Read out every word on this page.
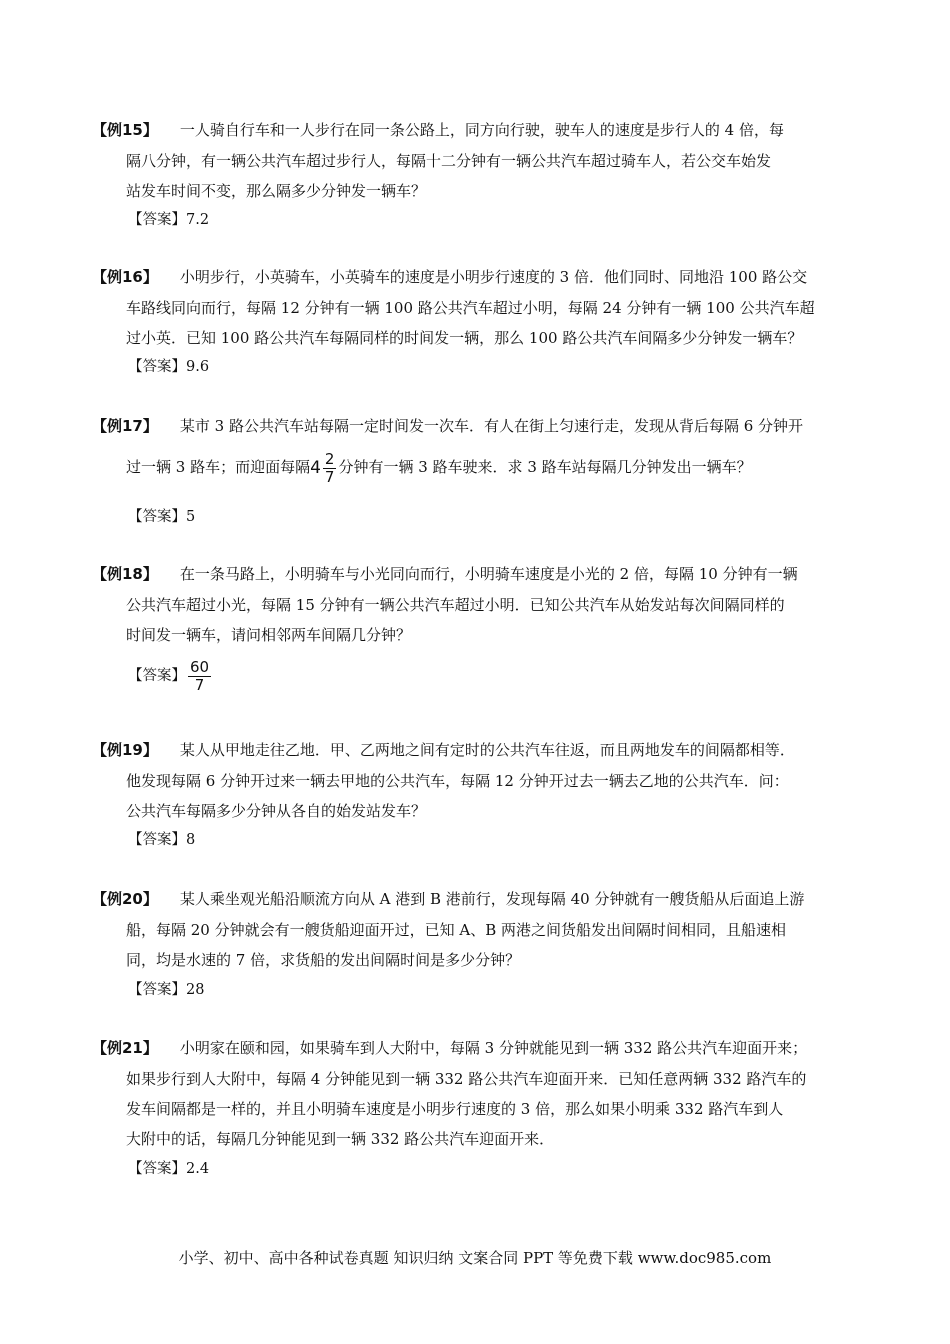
【例15】 一人骑自行车和一人步行在同一条公路上，同方向行驶，驶车人的速度是步行人的 4 倍，每
隔八分钟，有一辆公共汽车超过步行人，每隔十二分钟有一辆公共汽车超过骑车人，若公交车始发
站发车时间不变，那么隔多少分钟发一辆车？
【答案】7.2
【例16】 小明步行，小英骑车，小英骑车的速度是小明步行速度的 3 倍．他们同时、同地沿 100 路公交
车路线同向而行，每隔 12 分钟有一辆 100 路公共汽车超过小明，每隔 24 分钟有一辆 100 公共汽车超
过小英．已知 100 路公共汽车每隔同样的时间发一辆，那么 100 路公共汽车间隔多少分钟发一辆车？
【答案】9.6
【例17】 某市 3 路公共汽车站每隔一定时间发一次车．有人在街上匀速行走，发现从背后每隔 6 分钟开
过一辆 3 路车；而迎面每隔$4 \frac{2}{7}$ 分钟有一辆 3 路车驶来．求 3 路车站每隔几分钟发出一辆车？
【答案】5
【例18】 在一条马路上，小明骑车与小光同向而行，小明骑车速度是小光的 2 倍，每隔 10 分钟有一辆
公共汽车超过小光，每隔 15 分钟有一辆公共汽车超过小明．已知公共汽车从始发站每次间隔同样的
时间发一辆车，请问相邻两车间隔几分钟？
【答案】 $\frac{60}{7}$
【例19】 某人从甲地走往乙地．甲、乙两地之间有定时的公共汽车往返，而且两地发车的间隔都相等．
他发现每隔 6 分钟开过来一辆去甲地的公共汽车，每隔 12 分钟开过去一辆去乙地的公共汽车．问：
公共汽车每隔多少分钟从各自的始发站发车？
【答案】8
【例20】 某人乘坐观光船沿顺流方向从 A 港到 B 港前行，发现每隔 40 分钟就有一艘货船从后面追上游
船，每隔 20 分钟就会有一艘货船迎面开过，已知 A、B 两港之间货船发出间隔时间相同，且船速相
同，均是水速的 7 倍，求货船的发出间隔时间是多少分钟？
【答案】28
【例21】 小明家在颐和园，如果骑车到人大附中，每隔 3 分钟就能见到一辆 332 路公共汽车迎面开来；
如果步行到人大附中，每隔 4 分钟能见到一辆 332 路公共汽车迎面开来．已知任意两辆 332 路汽车的
发车间隔都是一样的，并且小明骑车速度是小明步行速度的 3 倍，那么如果小明乘 332 路汽车到人
大附中的话，每隔几分钟能见到一辆 332 路公共汽车迎面开来．
【答案】2.4
小学、初中、高中各种试卷真题 知识归纳 文案合同 PPT 等免费下载 www.doc985.com
